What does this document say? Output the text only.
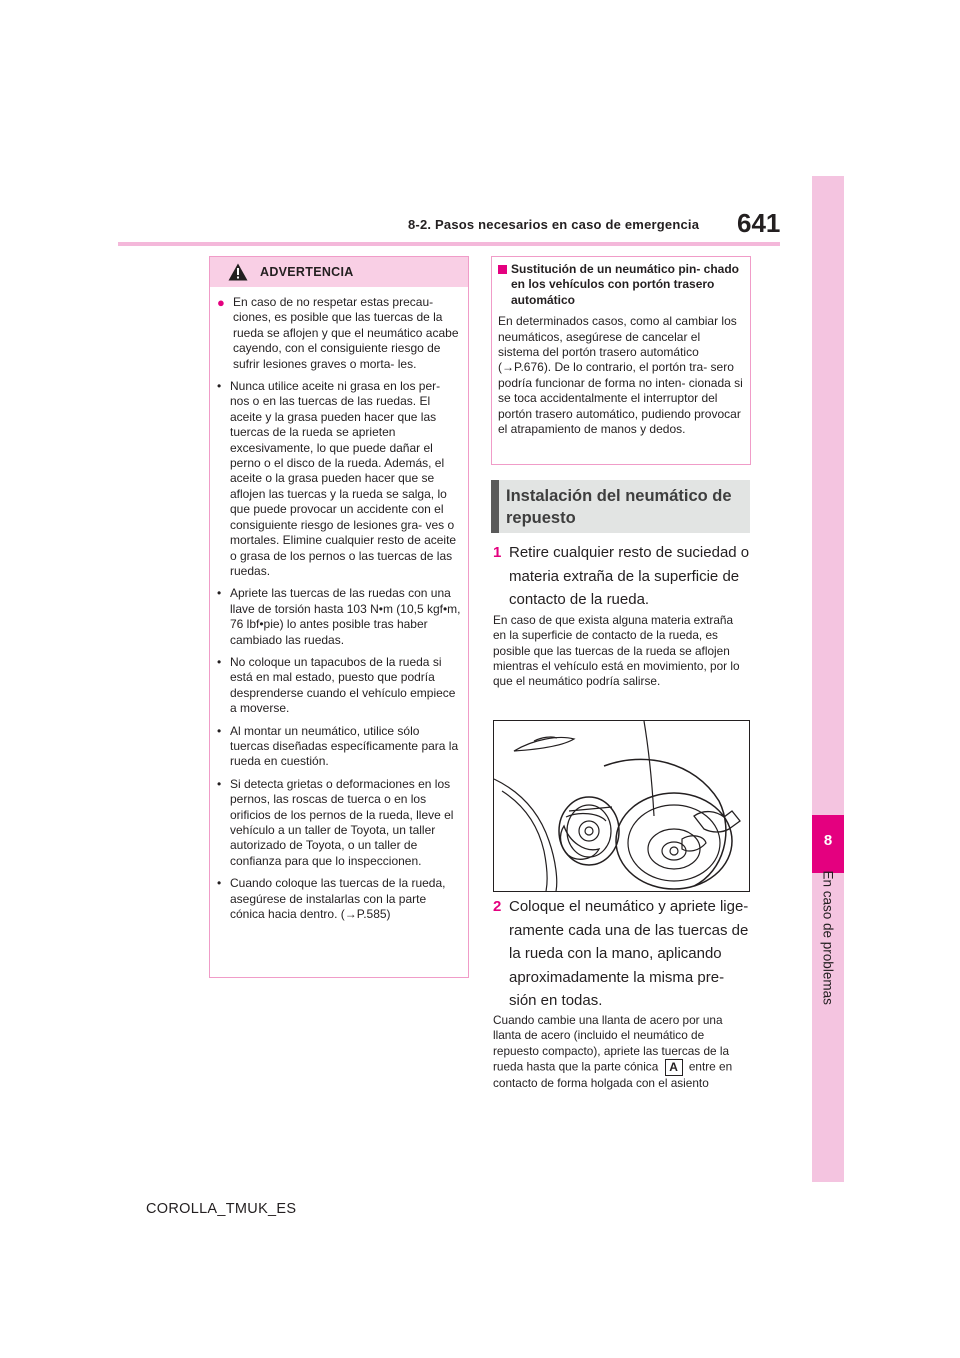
8-2. Pasos necesarios en caso de emergencia 641
8
En caso de problemas
ADVERTENCIA
● En caso de no respetar estas precau- ciones, es posible que las tuercas de la rueda se aflojen y que el neumático acabe cayendo, con el consiguiente riesgo de sufrir lesiones graves o morta- les.
• Nunca utilice aceite ni grasa en los per- nos o en las tuercas de las ruedas. El aceite y la grasa pueden hacer que las tuercas de la rueda se aprieten excesivamente, lo que puede dañar el perno o el disco de la rueda. Además, el aceite o la grasa pueden hacer que se aflojen las tuercas y la rueda se salga, lo que puede provocar un accidente con el consiguiente riesgo de lesiones gra- ves o mortales. Elimine cualquier resto de aceite o grasa de los pernos o las tuercas de las ruedas.
• Apriete las tuercas de las ruedas con una llave de torsión hasta 103 N•m (10,5 kgf•m, 76 lbf•pie) lo antes posible tras haber cambiado las ruedas.
• No coloque un tapacubos de la rueda si está en mal estado, puesto que podría desprenderse cuando el vehículo empiece a moverse.
• Al montar un neumático, utilice sólo tuercas diseñadas específicamente para la rueda en cuestión.
• Si detecta grietas o deformaciones en los pernos, las roscas de tuerca o en los orificios de los pernos de la rueda, lleve el vehículo a un taller de Toyota, un taller autorizado de Toyota, o un taller de confianza para que lo inspeccionen.
• Cuando coloque las tuercas de la rueda, asegúrese de instalarlas con la parte cónica hacia dentro. (→P.585)
Sustitución de un neumático pin- chado en los vehículos con portón trasero automático
En determinados casos, como al cambiar los neumáticos, asegúrese de cancelar el sistema del portón trasero automático (→P.676). De lo contrario, el portón tra- sero podría funcionar de forma no inten- cionada si se toca accidentalmente el interruptor del portón trasero automático, pudiendo provocar el atrapamiento de manos y dedos.
Instalación del neumático de repuesto
1 Retire cualquier resto de suciedad o materia extraña de la superficie de contacto de la rueda.
En caso de que exista alguna materia extraña en la superficie de contacto de la rueda, es posible que las tuercas de la rueda se aflojen mientras el vehículo está en movimiento, por lo que el neumático podría salirse.
2 Coloque el neumático y apriete lige- ramente cada una de las tuercas de la rueda con la mano, aplicando aproximadamente la misma pre- sión en todas.
Cuando cambie una llanta de acero por una llanta de acero (incluido el neumático de repuesto compacto), apriete las tuercas de la rueda hasta que la parte cónica A entre en contacto de forma holgada con el asiento
COROLLA_TMUK_ES
